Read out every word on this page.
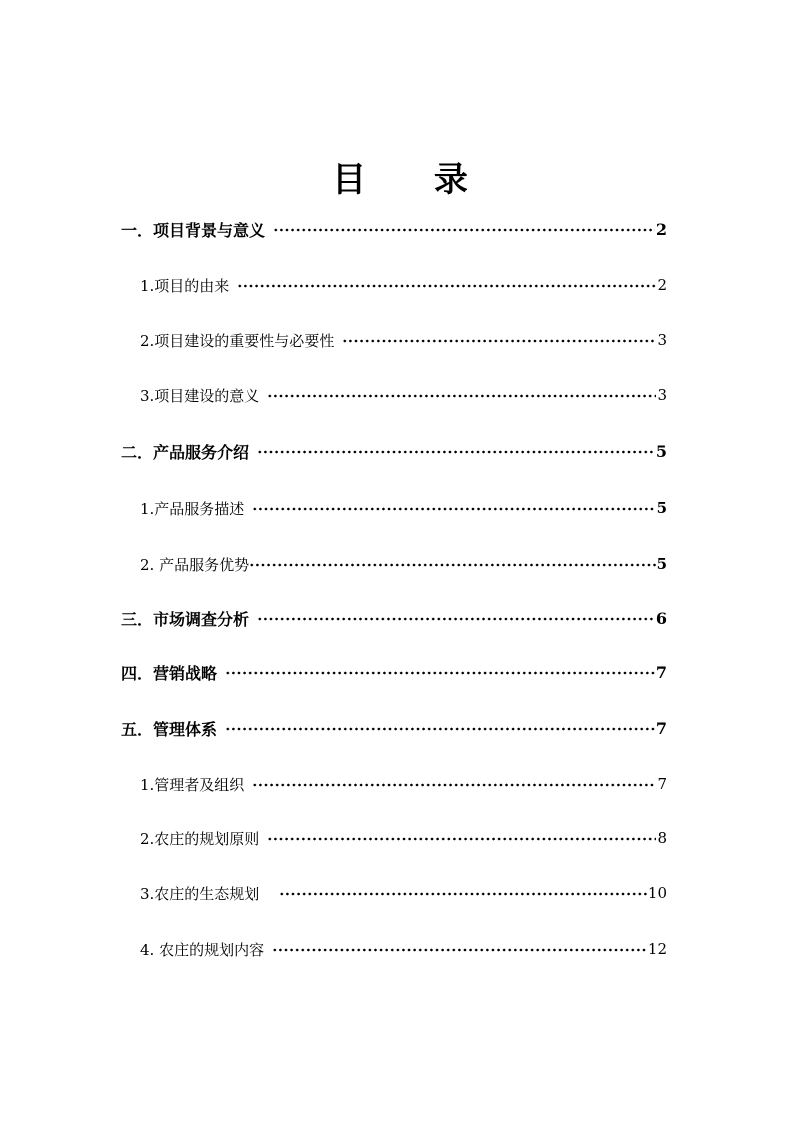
目 录
一．项目背景与意义	2
1.项目的由来	2
2.项目建设的重要性与必要性	3
3.项目建设的意义	3
二．产品服务介绍	5
1.产品服务描述	5
2. 产品服务优势	5
三．市场调查分析	6
四．营销战略	7
五．管理体系	7
1.管理者及组织	7
2.农庄的规划原则	8
3.农庄的生态规划	10
4. 农庄的规划内容	12
